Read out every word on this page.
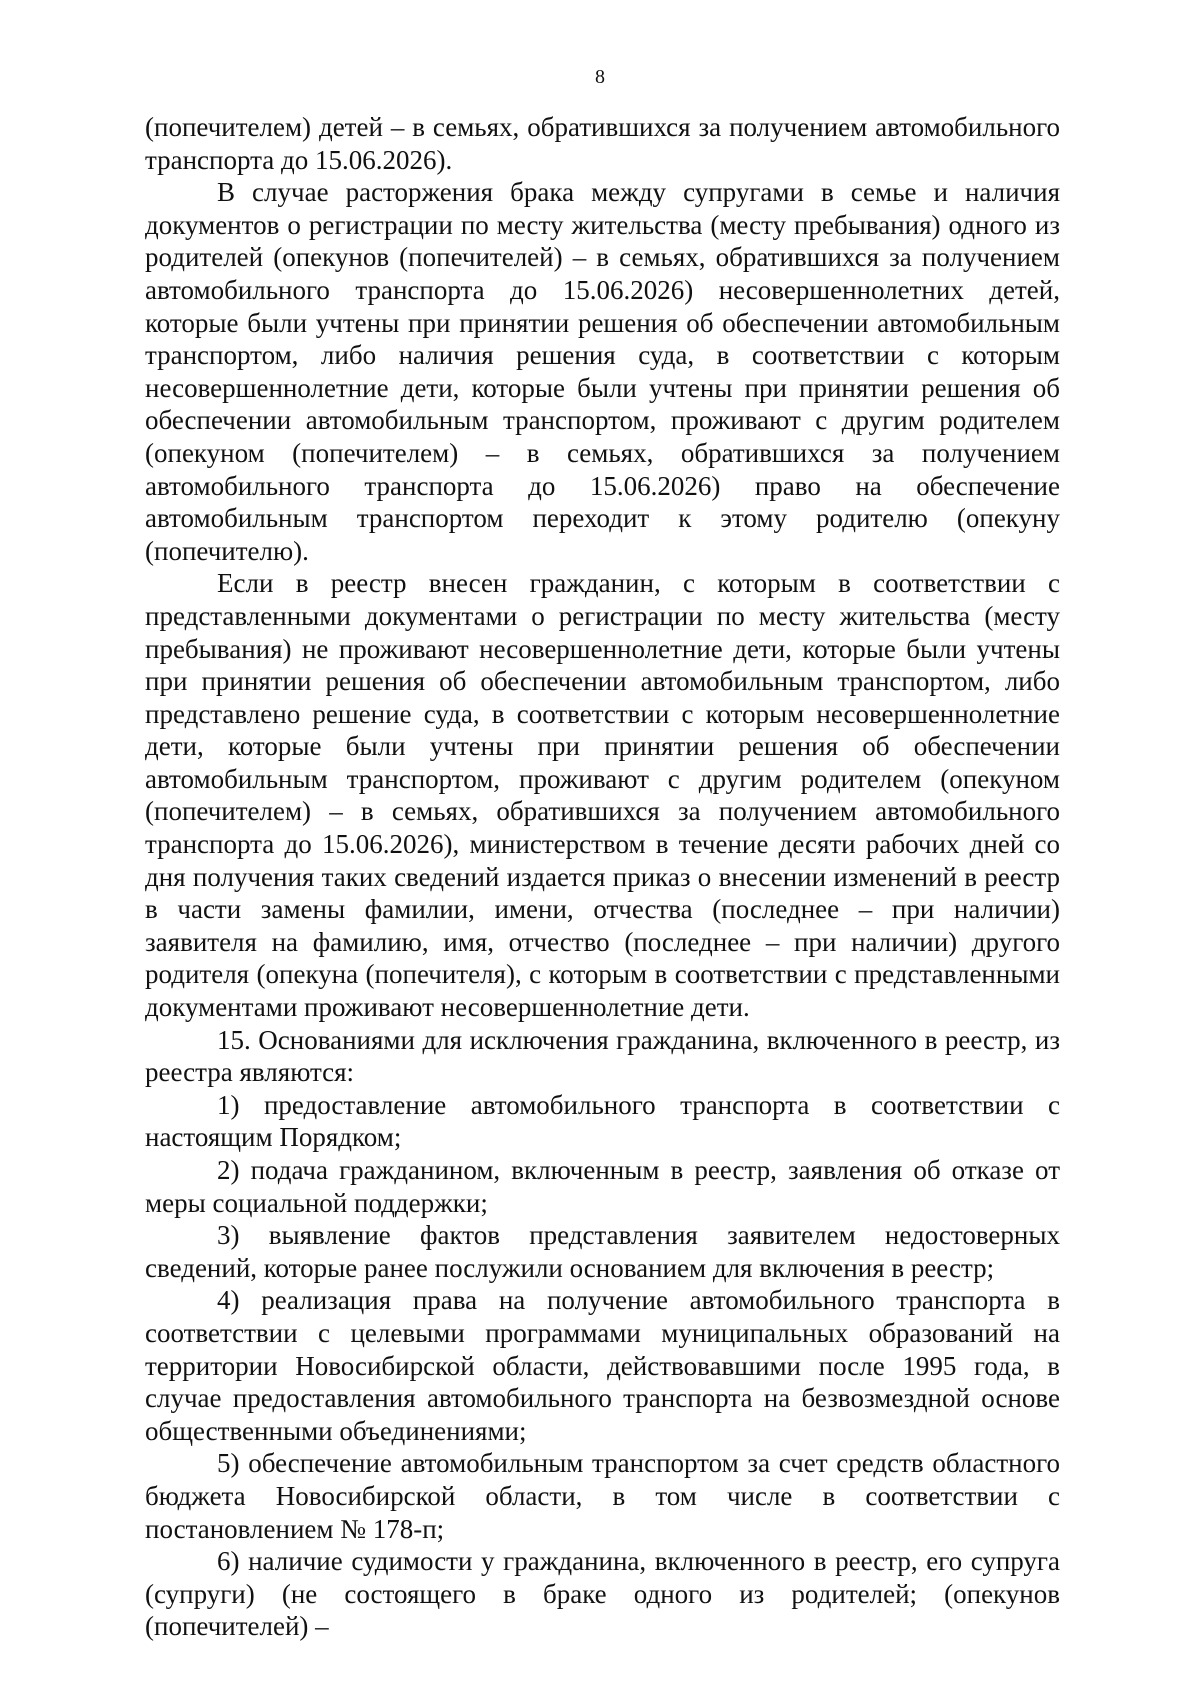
8

(попечителем) детей – в семьях, обратившихся за получением автомобильного транспорта до 15.06.2026).

В случае расторжения брака между супругами в семье и наличия документов о регистрации по месту жительства (месту пребывания) одного из родителей (опекунов (попечителей) – в семьях, обратившихся за получением автомобильного транспорта до 15.06.2026) несовершеннолетних детей, которые были учтены при принятии решения об обеспечении автомобильным транспортом, либо наличия решения суда, в соответствии с которым несовершеннолетние дети, которые были учтены при принятии решения об обеспечении автомобильным транспортом, проживают с другим родителем (опекуном (попечителем) – в семьях, обратившихся за получением автомобильного транспорта до 15.06.2026) право на обеспечение автомобильным транспортом переходит к этому родителю (опекуну (попечителю).

Если в реестр внесен гражданин, с которым в соответствии с представленными документами о регистрации по месту жительства (месту пребывания) не проживают несовершеннолетние дети, которые были учтены при принятии решения об обеспечении автомобильным транспортом, либо представлено решение суда, в соответствии с которым несовершеннолетние дети, которые были учтены при принятии решения об обеспечении автомобильным транспортом, проживают с другим родителем (опекуном (попечителем) – в семьях, обратившихся за получением автомобильного транспорта до 15.06.2026), министерством в течение десяти рабочих дней со дня получения таких сведений издается приказ о внесении изменений в реестр в части замены фамилии, имени, отчества (последнее – при наличии) заявителя на фамилию, имя, отчество (последнее – при наличии) другого родителя (опекуна (попечителя), с которым в соответствии с представленными документами проживают несовершеннолетние дети.

15. Основаниями для исключения гражданина, включенного в реестр, из реестра являются:

1) предоставление автомобильного транспорта в соответствии с настоящим Порядком;

2) подача гражданином, включенным в реестр, заявления об отказе от меры социальной поддержки;

3) выявление фактов представления заявителем недостоверных сведений, которые ранее послужили основанием для включения в реестр;

4) реализация права на получение автомобильного транспорта в соответствии с целевыми программами муниципальных образований на территории Новосибирской области, действовавшими после 1995 года, в случае предоставления автомобильного транспорта на безвозмездной основе общественными объединениями;

5) обеспечение автомобильным транспортом за счет средств областного бюджета Новосибирской области, в том числе в соответствии с постановлением № 178-п;

6) наличие судимости у гражданина, включенного в реестр, его супруга (супруги) (не состоящего в браке одного из родителей; (опекунов (попечителей) –
